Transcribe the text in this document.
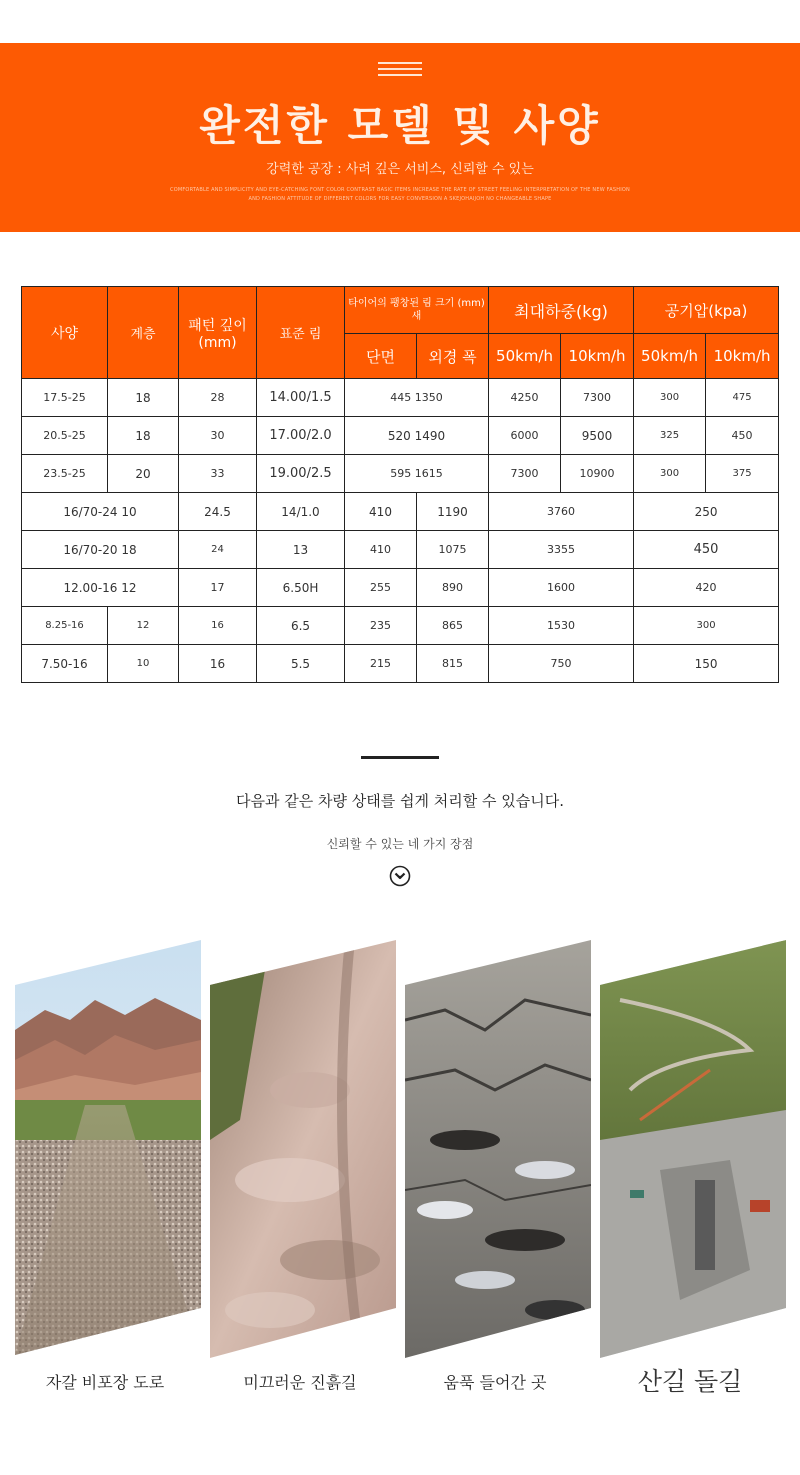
완전한 모델 및 사양
강력한 공장 : 사려 깊은 서비스, 신뢰할 수 있는
COMFORTABLE AND SIMPLICITY AND EYE-CATCHING FONT COLOR CONTRAST BASIC ITEMS INCREASE THE RATE OF STREET FEELING INTERPRETATION OF THE NEW FASHION AND FASHION ATTITUDE OF DIFFERENT COLORS FOR EASY CONVERSION A SKEJOHAIJOH NO CHANGEABLE SHAPE
사양	계층	패턴 깊이 (mm)	표준 림	타이어의 팽창된 림 크기 (mm) 새		최대하중(kg)		공기압(kpa)	
				단면	외경 폭	50km/h	10km/h	50km/h	10km/h
17.5-25	18	28	14.00/1.5	445 1350		4250	7300	300	475
20.5-25	18	30	17.00/2.0	520 1490		6000	9500	325	450
23.5-25	20	33	19.00/2.5	595 1615		7300	10900	300	375
16/70-24 10		24.5	14/1.0	410	1190	3760		250	
16/70-20 18		24	13	410	1075	3355		450	
12.00-16 12		17	6.50H	255	890	1600		420	
8.25-16	12	16	6.5	235	865	1530		300	
7.50-16	10	16	5.5	215	815	750		150	
다음과 같은 차량 상태를 쉽게 처리할 수 있습니다.
신뢰할 수 있는 네 가지 장점
자갈 비포장 도로	미끄러운 진흙길	움푹 들어간 곳	산길 돌길
